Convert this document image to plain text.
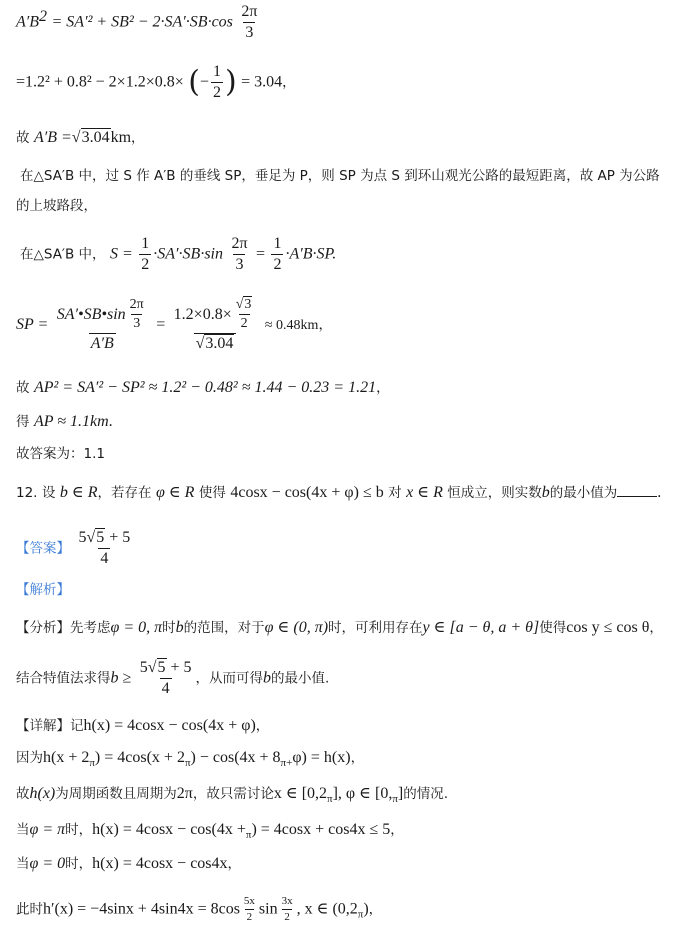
$A'B^2 = SA'^2 + SB^2 - 2\cdot SA'\cdot SB\cdot\cos \frac{2\pi}{3}$
=1.2² + 0.8² − 2×1.2×0.8× (− $\frac{1}{2}$ ) = 3.04，
故 A′B =√3.04km，
在△SA′B 中，过 S 作 A′B 的垂线 SP，垂足为 P，则 SP 为点 S 到环山观光公路的最短距离，故 AP 为公路
的上坡路段，
在△SA′B 中， $S = \frac{1}{2} \cdot SA'\cdot SB\cdot\sin \frac{2\pi}{3} = \frac{1}{2} \cdot A'B\cdot SP$.
SP = $\frac{SA'•SB•\sin \frac{2\pi}{3}}{A'B} = \frac{1.2\times 0.8\times \frac{√3}{2}}{√3.04} \approx 0.48km$，
故 AP² = SA′² − SP² ≈ 1.2² − 0.48² ≈ 1.44 − 0.23 = 1.21，
得 AP ≈ 1.1km.
故答案为：1.1
12. 设 b ∈ R，若存在 φ ∈ R 使得 4cosx − cos(4x + φ) ≤ b 对 x ∈ R 恒成立，则实数b的最小值为	.
【答案】 $\frac{5√5 + 5}{4}$
【解析】
【分析】先考虑φ = 0, π时b的范围，对于φ ∈ (0, π)时，可利用存在y ∈ [a − θ, a + θ]使得cos y ≤ cos θ，
结合特值法求得$b \ge \frac{5√5 + 5}{4}$ ，从而可得b的最小值.
【详解】记h(x) = 4cosx − cos(4x + φ)，
因为$h(x + 2_\pi) = 4\cos(x + 2_\pi) - \cos(4x + 8_{\pi+}\varphi) = h(x)$，
故h(x)为周期函数且周期为2π，故只需讨论x ∈ $[0,2_\pi]$, φ ∈ $[0,_\pi]$的情况.
当φ = π时，$h(x) = 4\cos x - \cos(4x +_\pi) = 4\cos x + \cos 4x \le 5$，
当φ = 0时，h(x) = 4cosx − cos4x，
此时$h'(x) = -4\sin x + 4\sin 4x = 8\cos \frac{5x}{2}$ $\sin \frac{3x}{2}$ , x ∈ $(0,2_\pi)$，
